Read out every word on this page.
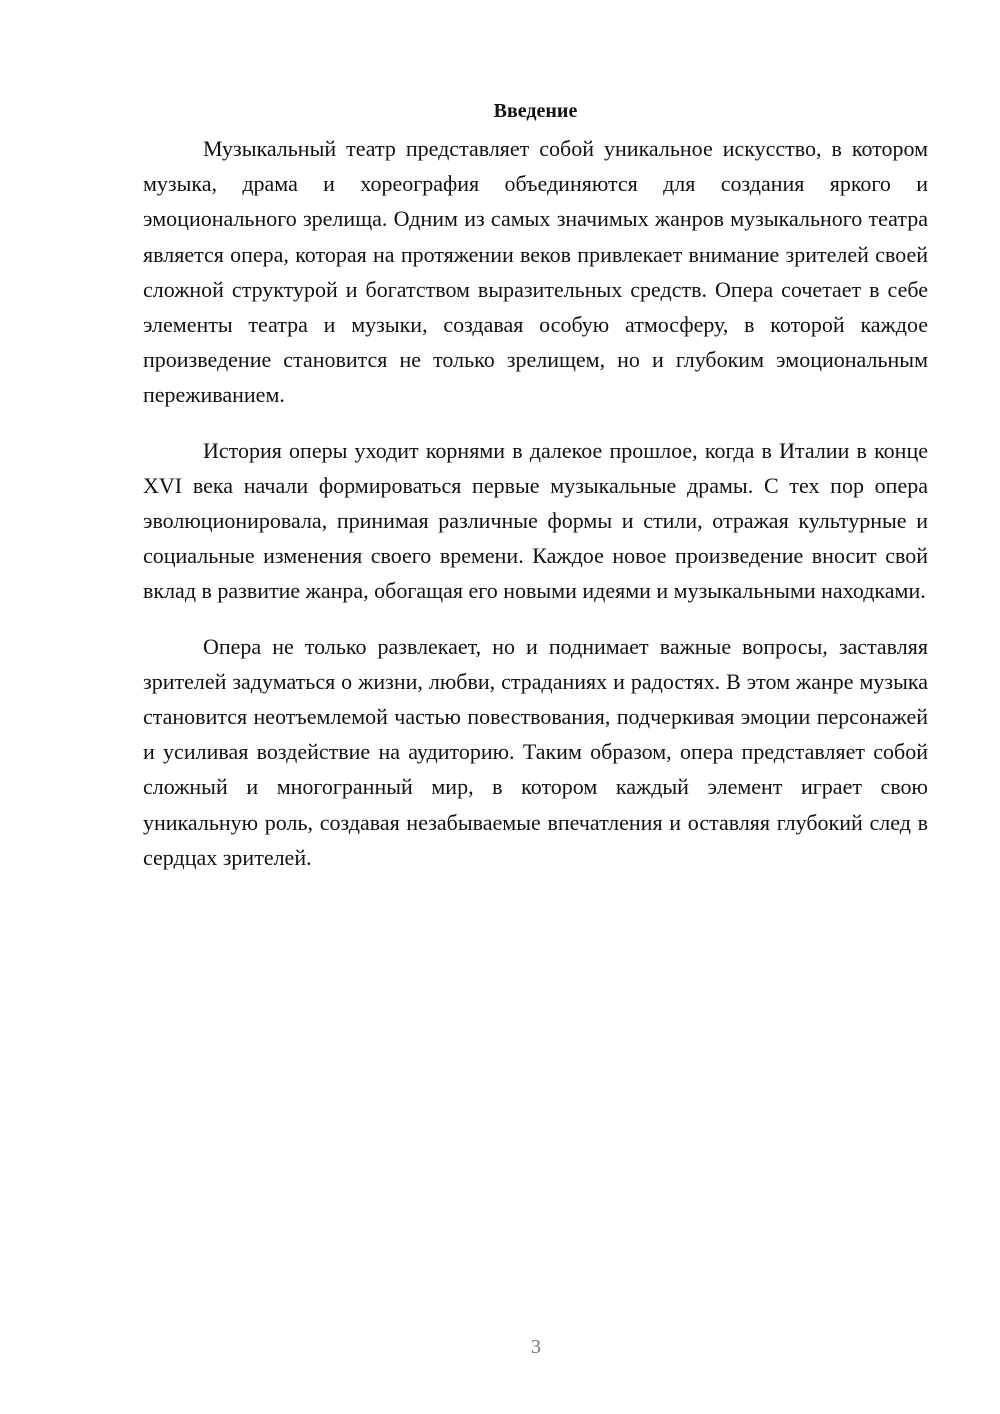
Введение

Музыкальный театр представляет собой уникальное искусство, в котором музыка, драма и хореография объединяются для создания яркого и эмоционального зрелища. Одним из самых значимых жанров музыкального театра является опера, которая на протяжении веков привлекает внимание зрителей своей сложной структурой и богатством выразительных средств. Опера сочетает в себе элементы театра и музыки, создавая особую атмосферу, в которой каждое произведение становится не только зрелищем, но и глубоким эмоциональным переживанием.

История оперы уходит корнями в далекое прошлое, когда в Италии в конце XVI века начали формироваться первые музыкальные драмы. С тех пор опера эволюционировала, принимая различные формы и стили, отражая культурные и социальные изменения своего времени. Каждое новое произведение вносит свой вклад в развитие жанра, обогащая его новыми идеями и музыкальными находками.

Опера не только развлекает, но и поднимает важные вопросы, заставляя зрителей задуматься о жизни, любви, страданиях и радостях. В этом жанре музыка становится неотъемлемой частью повествования, подчеркивая эмоции персонажей и усиливая воздействие на аудиторию. Таким образом, опера представляет собой сложный и многогранный мир, в котором каждый элемент играет свою уникальную роль, создавая незабываемые впечатления и оставляя глубокий след в сердцах зрителей.

3
